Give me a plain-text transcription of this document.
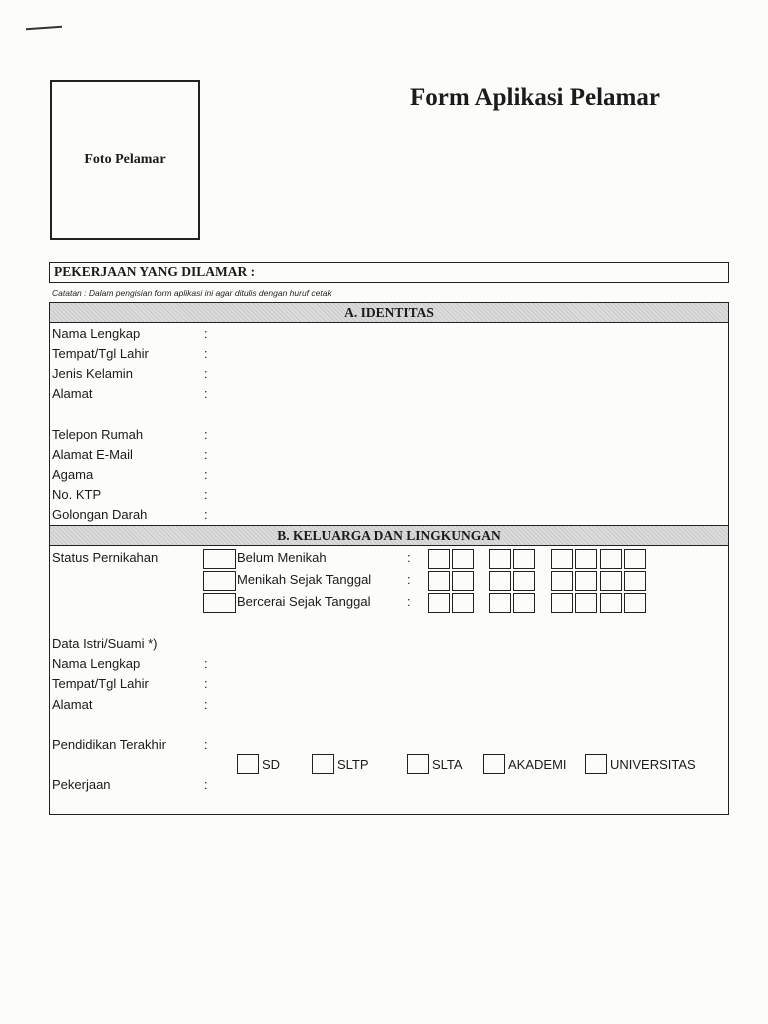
Foto Pelamar
Form Aplikasi Pelamar
PEKERJAAN YANG DILAMAR :
Catatan : Dalam pengisian form aplikasi ini agar ditulis dengan huruf cetak
A. IDENTITAS
Nama Lengkap	:
Tempat/Tgl Lahir	:
Jenis Kelamin	:
Alamat	:
Telepon Rumah	:
Alamat E-Mail	:
Agama	:
No. KTP	:
Golongan Darah	:
B. KELUARGA DAN LINGKUNGAN
Status Pernikahan	Belum Menikah	:
Menikah Sejak Tanggal	:
Bercerai Sejak Tanggal	:
Data Istri/Suami *)
Nama Lengkap	:
Tempat/Tgl Lahir	:
Alamat	:
Pendidikan Terakhir	:
SD	SLTP	SLTA	AKADEMI	UNIVERSITAS
Pekerjaan	:
